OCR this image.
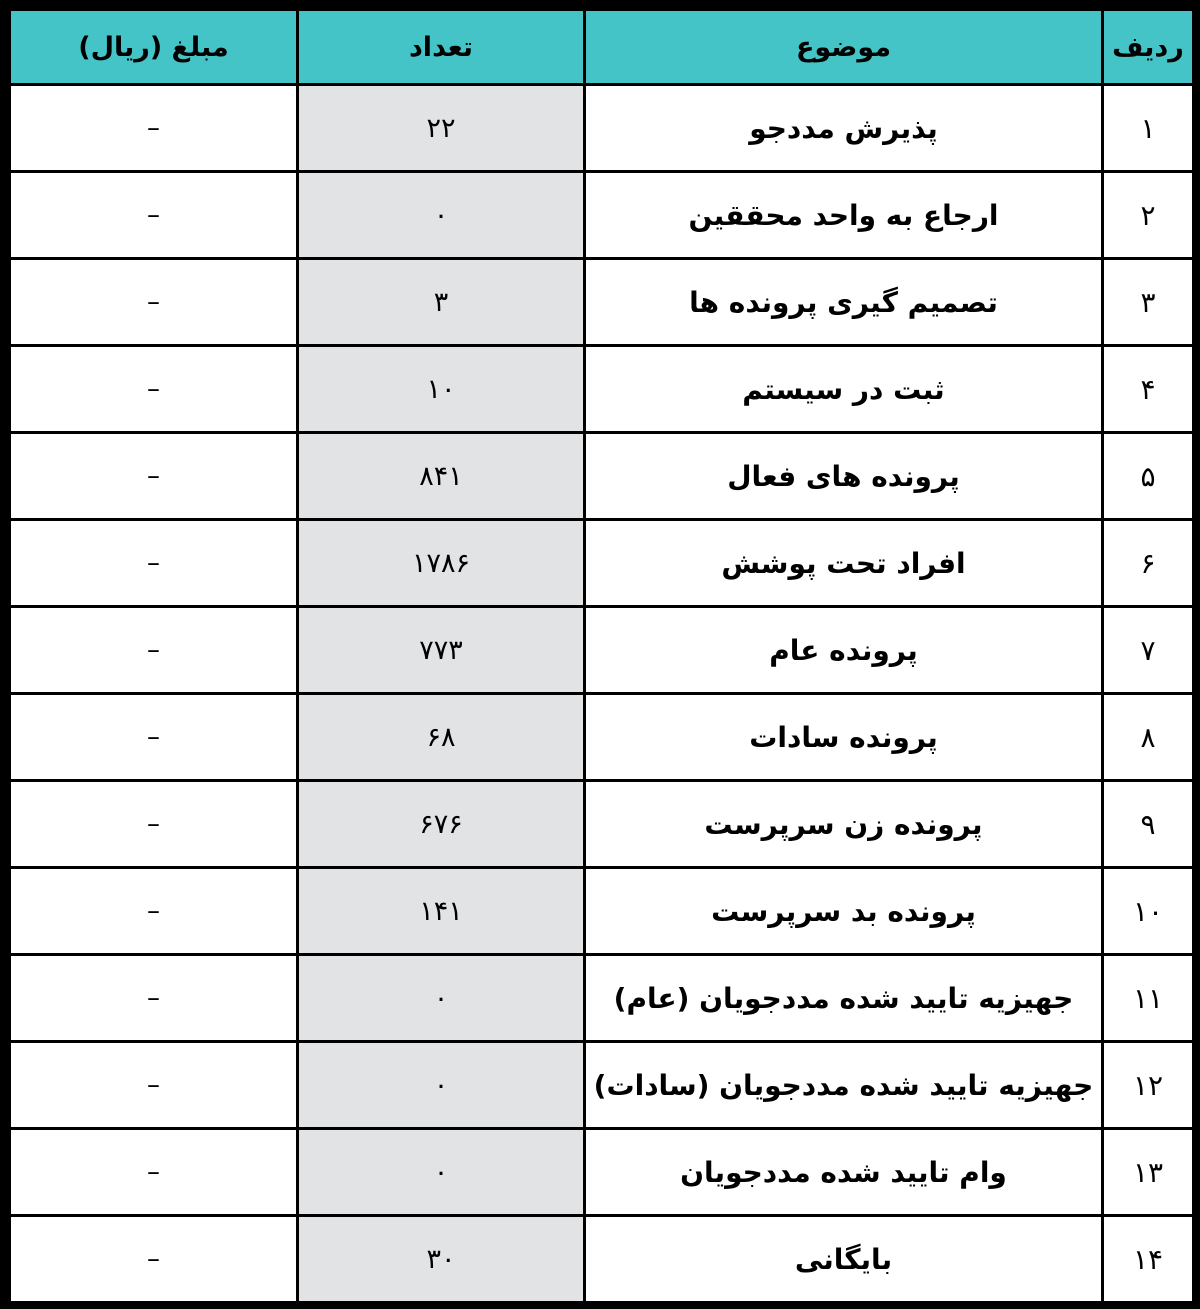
ردیف	موضوع	تعداد	مبلغ (ریال)
۱	پذیرش مددجو	۲۲	–
۲	ارجاع به واحد محققین	۰	–
۳	تصمیم گیری پرونده ها	۳	–
۴	ثبت در سیستم	۱۰	–
۵	پرونده های فعال	۸۴۱	–
۶	افراد تحت پوشش	۱۷۸۶	–
۷	پرونده عام	۷۷۳	–
۸	پرونده سادات	۶۸	–
۹	پرونده زن سرپرست	۶۷۶	–
۱۰	پرونده بد سرپرست	۱۴۱	–
۱۱	جهیزیه تایید شده مددجویان (عام)	۰	–
۱۲	جهیزیه تایید شده مددجویان (سادات)	۰	–
۱۳	وام تایید شده مددجویان	۰	–
۱۴	بایگانی	۳۰	–
